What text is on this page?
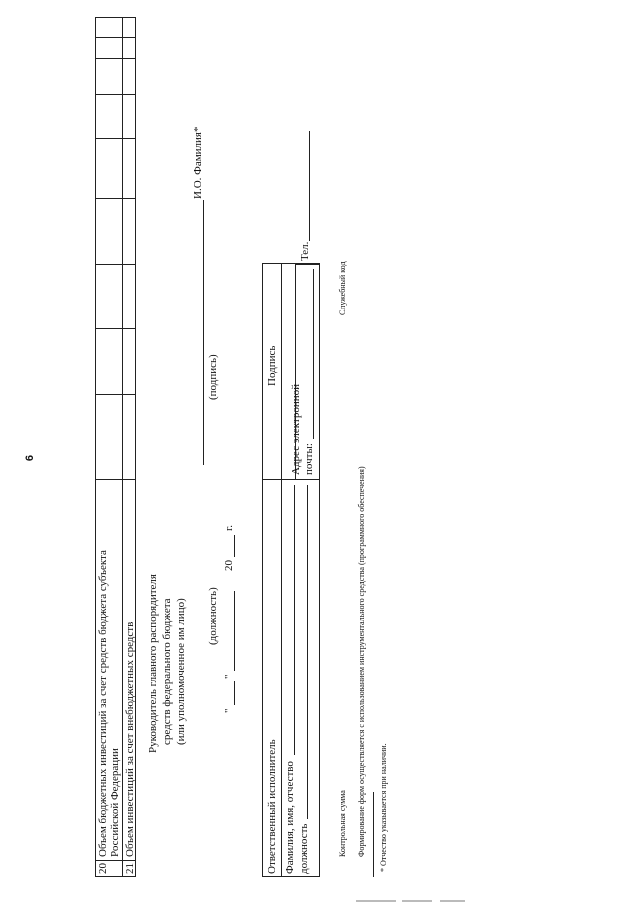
6
20
Объем бюджетных инвестиций за счет средств бюджета субъекта Российской Федерации
21
Объем инвестиций за счет внебюджетных средств Руководитель главного распорядителя средств федерального бюджета (или уполномоченное им лицо)
(подпись)
И.О. Фамилия*
(должность)
"
"
20
г.
Ответственный исполнитель Фамилия, имя, отчество должность
Подпись
Адрес электронной почты:
Тел.
Контрольная сумма
Служебный код
Формирование форм осуществляется с использованием инструментального средства (программного обеспечения) * Отчество указывается при наличии.
